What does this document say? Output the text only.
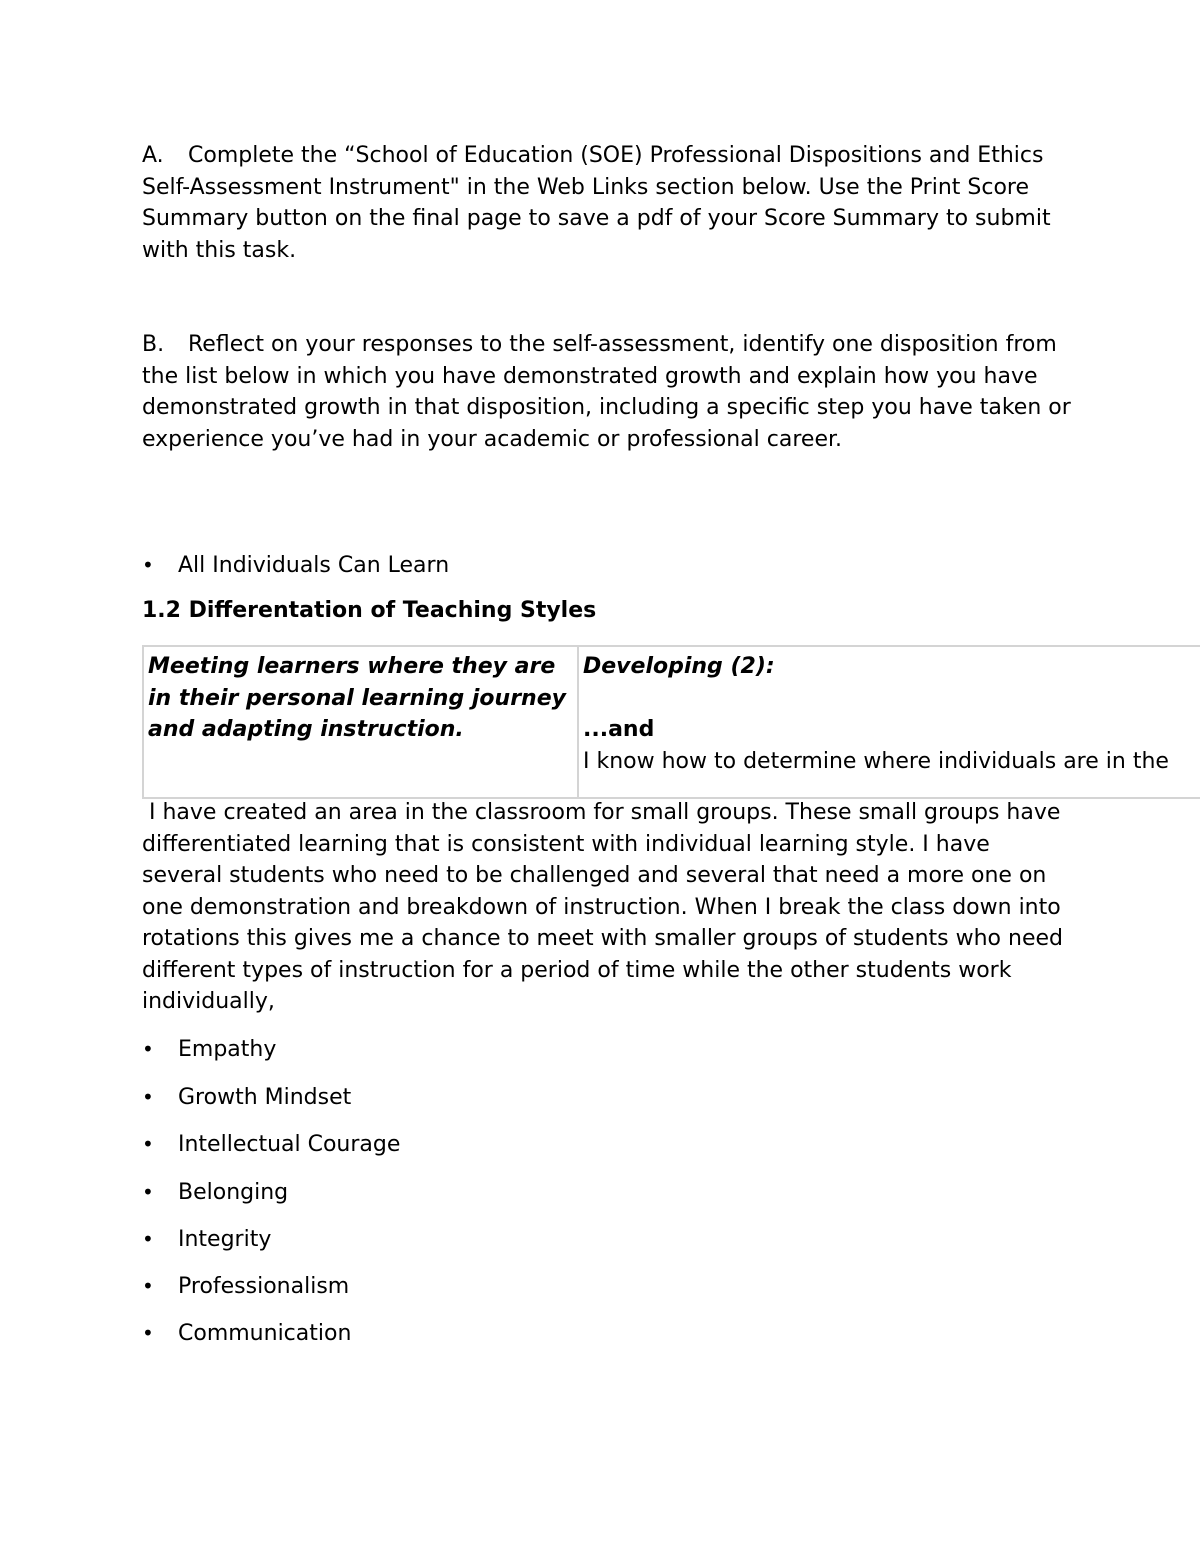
A. Complete the “School of Education (SOE) Professional Dispositions and Ethics Self-Assessment Instrument" in the Web Links section below. Use the Print Score Summary button on the final page to save a pdf of your Score Summary to submit with this task.

B. Reflect on your responses to the self-assessment, identify one disposition from the list below in which you have demonstrated growth and explain how you have demonstrated growth in that disposition, including a specific step you have taken or experience you’ve had in your academic or professional career.

• All Individuals Can Learn
1.2 Differentation of Teaching Styles
Meeting learners where they are in their personal learning journey and adapting instruction.
Developing (2):
...and
I know how to determine where individuals are in the
I have created an area in the classroom for small groups. These small groups have differentiated learning that is consistent with individual learning style. I have several students who need to be challenged and several that need a more one on one demonstration and breakdown of instruction. When I break the class down into rotations this gives me a chance to meet with smaller groups of students who need different types of instruction for a period of time while the other students work individually,
• Empathy
• Growth Mindset
• Intellectual Courage
• Belonging
• Integrity
• Professionalism
• Communication
